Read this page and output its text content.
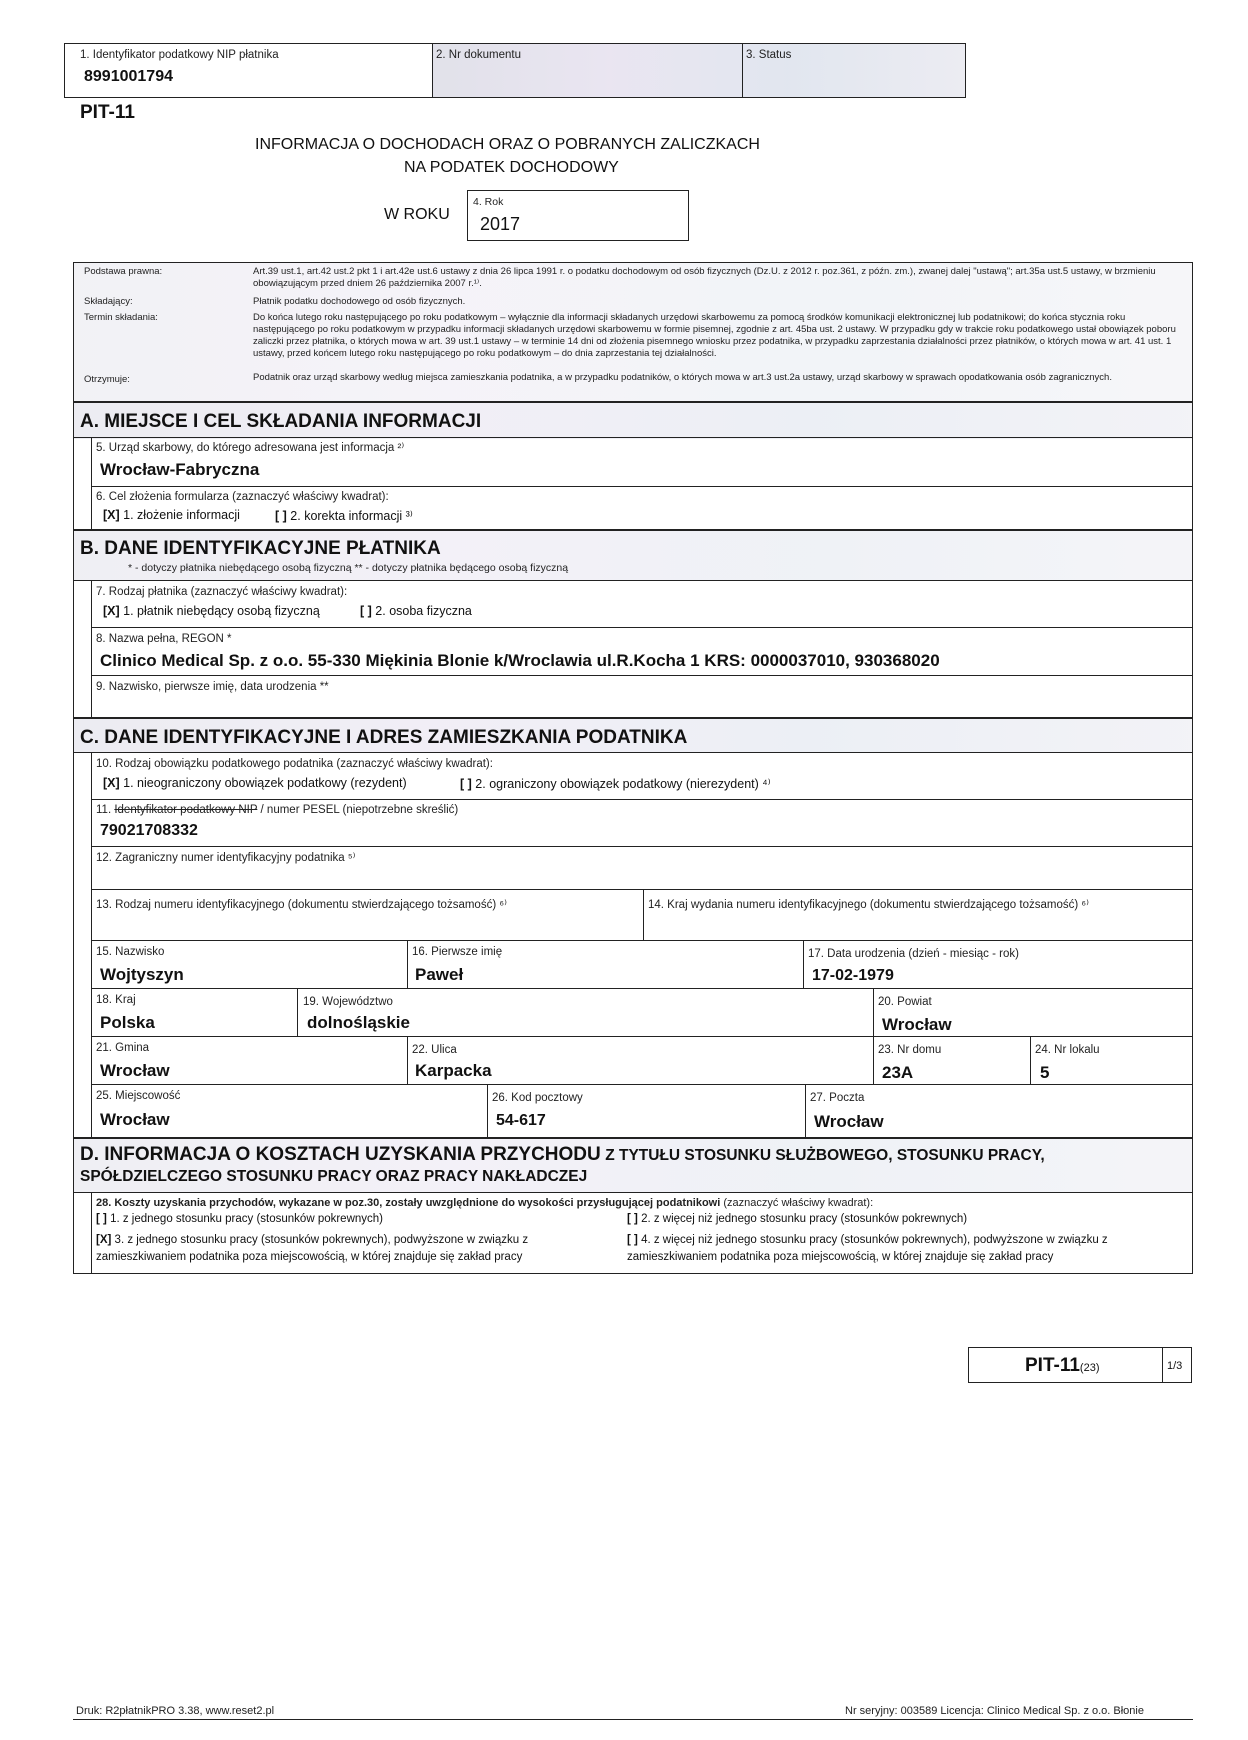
1. Identyfikator podatkowy NIP płatnika
8991001794
2. Nr dokumentu	3. Status
PIT-11
INFORMACJA O DOCHODACH ORAZ O POBRANYCH ZALICZKACH
NA PODATEK DOCHODOWY
W ROKU
4. Rok
2017
Podstawa prawna:	Art.39 ust.1, art.42 ust.2 pkt 1 i art.42e ust.6 ustawy z dnia 26 lipca 1991 r. o podatku dochodowym od osób fizycznych (Dz.U. z 2012 r. poz.361, z późn. zm.), zwanej dalej "ustawą"; art.35a ust.5 ustawy, w brzmieniu obowiązującym przed dniem 26 października 2007 r.¹⁾.
Składający:	Płatnik podatku dochodowego od osób fizycznych.
Termin składania:	Do końca lutego roku następującego po roku podatkowym – wyłącznie dla informacji składanych urzędowi skarbowemu za pomocą środków komunikacji elektronicznej lub podatnikowi; do końca stycznia roku następującego po roku podatkowym w przypadku informacji składanych urzędowi skarbowemu w formie pisemnej, zgodnie z art. 45ba ust. 2 ustawy. W przypadku gdy w trakcie roku podatkowego ustał obowiązek poboru zaliczki przez płatnika, o których mowa w art. 39 ust.1 ustawy – w terminie 14 dni od złożenia pisemnego wniosku przez podatnika, w przypadku zaprzestania działalności przez płatników, o których mowa w art. 41 ust. 1 ustawy, przed końcem lutego roku następującego po roku podatkowym – do dnia zaprzestania tej działalności.
Otrzymuje:	Podatnik oraz urząd skarbowy według miejsca zamieszkania podatnika, a w przypadku podatników, o których mowa w art.3 ust.2a ustawy, urząd skarbowy w sprawach opodatkowania osób zagranicznych.
A. MIEJSCE I CEL SKŁADANIA INFORMACJI
5. Urząd skarbowy, do którego adresowana jest informacja ²⁾
Wrocław-Fabryczna
6. Cel złożenia formularza (zaznaczyć właściwy kwadrat):
[X] 1. złożenie informacji	[ ] 2. korekta informacji ³⁾
B. DANE IDENTYFIKACYJNE PŁATNIKA
* - dotyczy płatnika niebędącego osobą fizyczną ** - dotyczy płatnika będącego osobą fizyczną
7. Rodzaj płatnika (zaznaczyć właściwy kwadrat):
[X] 1. płatnik niebędący osobą fizyczną	[ ] 2. osoba fizyczna
8. Nazwa pełna, REGON *
Clinico Medical Sp. z o.o. 55-330 Miękinia Blonie k/Wroclawia ul.R.Kocha 1 KRS: 0000037010, 930368020
9. Nazwisko, pierwsze imię, data urodzenia **
C. DANE IDENTYFIKACYJNE I ADRES ZAMIESZKANIA PODATNIKA
10. Rodzaj obowiązku podatkowego podatnika (zaznaczyć właściwy kwadrat):
[X] 1. nieograniczony obowiązek podatkowy (rezydent)	[ ] 2. ograniczony obowiązek podatkowy (nierezydent) ⁴⁾
11. Identyfikator podatkowy NIP / numer PESEL (niepotrzebne skreślić)
79021708332
12. Zagraniczny numer identyfikacyjny podatnika ⁵⁾
13. Rodzaj numeru identyfikacyjnego (dokumentu stwierdzającego tożsamość) ⁶⁾	14. Kraj wydania numeru identyfikacyjnego (dokumentu stwierdzającego tożsamość) ⁶⁾
15. Nazwisko
Wojtyszyn
16. Pierwsze imię
Paweł
17. Data urodzenia (dzień - miesiąc - rok)
17-02-1979
18. Kraj
Polska
19. Województwo
dolnośląskie
20. Powiat
Wrocław
21. Gmina
Wrocław
22. Ulica
Karpacka
23. Nr domu
23A
24. Nr lokalu
5
25. Miejscowość
Wrocław
26. Kod pocztowy
54-617
27. Poczta
Wrocław
D. INFORMACJA O KOSZTACH UZYSKANIA PRZYCHODU Z TYTUŁU STOSUNKU SŁUŻBOWEGO, STOSUNKU PRACY,
SPÓŁDZIELCZEGO STOSUNKU PRACY ORAZ PRACY NAKŁADCZEJ
28. Koszty uzyskania przychodów, wykazane w poz.30, zostały uwzględnione do wysokości przysługującej podatnikowi (zaznaczyć właściwy kwadrat):
[ ] 1. z jednego stosunku pracy (stosunków pokrewnych)	[ ] 2. z więcej niż jednego stosunku pracy (stosunków pokrewnych)
[X] 3. z jednego stosunku pracy (stosunków pokrewnych), podwyższone w związku z zamieszkiwaniem podatnika poza miejscowością, w której znajduje się zakład pracy
[ ] 4. z więcej niż jednego stosunku pracy (stosunków pokrewnych), podwyższone w związku z zamieszkiwaniem podatnika poza miejscowością, w której znajduje się zakład pracy
PIT-11(23)	1/3
Druk: R2płatnikPRO 3.38, www.reset2.pl	Nr seryjny: 003589 Licencja: Clinico Medical Sp. z o.o. Błonie
